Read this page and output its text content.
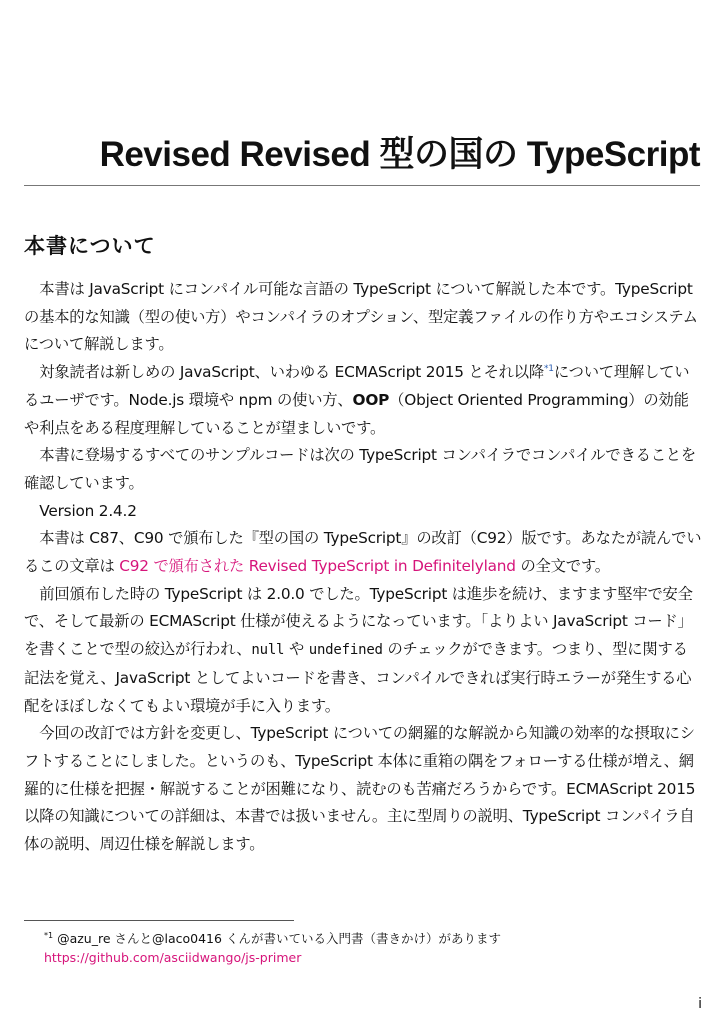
Revised Revised 型の国の TypeScript
本書について

本書は JavaScript にコンパイル可能な言語の TypeScript について解説した本です。TypeScript の基本的な知識（型の使い方）やコンパイラのオプション、型定義ファイルの作り方やエコシステムについて解説します。

対象読者は新しめの JavaScript、いわゆる ECMAScript 2015 とそれ以降$^{*1}$について理解しているユーザです。Node.js 環境や npm の使い方、OOP（Object Oriented Programming）の効能や利点をある程度理解していることが望ましいです。

本書に登場するすべてのサンプルコードは次の TypeScript コンパイラでコンパイルできることを確認しています。

Version 2.4.2

本書は C87、C90 で頒布した『型の国の TypeScript』の改訂（C92）版です。あなたが読んでいるこの文章は C92 で頒布された Revised TypeScript in Definitelyland の全文です。

前回頒布した時の TypeScript は 2.0.0 でした。TypeScript は進歩を続け、ますます堅牢で安全で、そして最新の ECMAScript 仕様が使えるようになっています。「よりよい JavaScript コード」を書くことで型の絞込が行われ、null や undefined のチェックができます。つまり、型に関する記法を覚え、JavaScript としてよいコードを書き、コンパイルできれば実行時エラーが発生する心配をほぼしなくてもよい環境が手に入ります。

今回の改訂では方針を変更し、TypeScript についての網羅的な解説から知識の効率的な摂取にシフトすることにしました。というのも、TypeScript 本体に重箱の隅をフォローする仕様が増え、網羅的に仕様を把握・解説することが困難になり、読むのも苦痛だろうからです。ECMAScript 2015 以降の知識についての詳細は、本書では扱いません。主に型周りの説明、TypeScript コンパイラ自体の説明、周辺仕様を解説します。

$^{*1}$ @azu_re さんと@laco0416 くんが書いている入門書（書きかけ）があります https://github.com/asciidwango/js-primer
i
